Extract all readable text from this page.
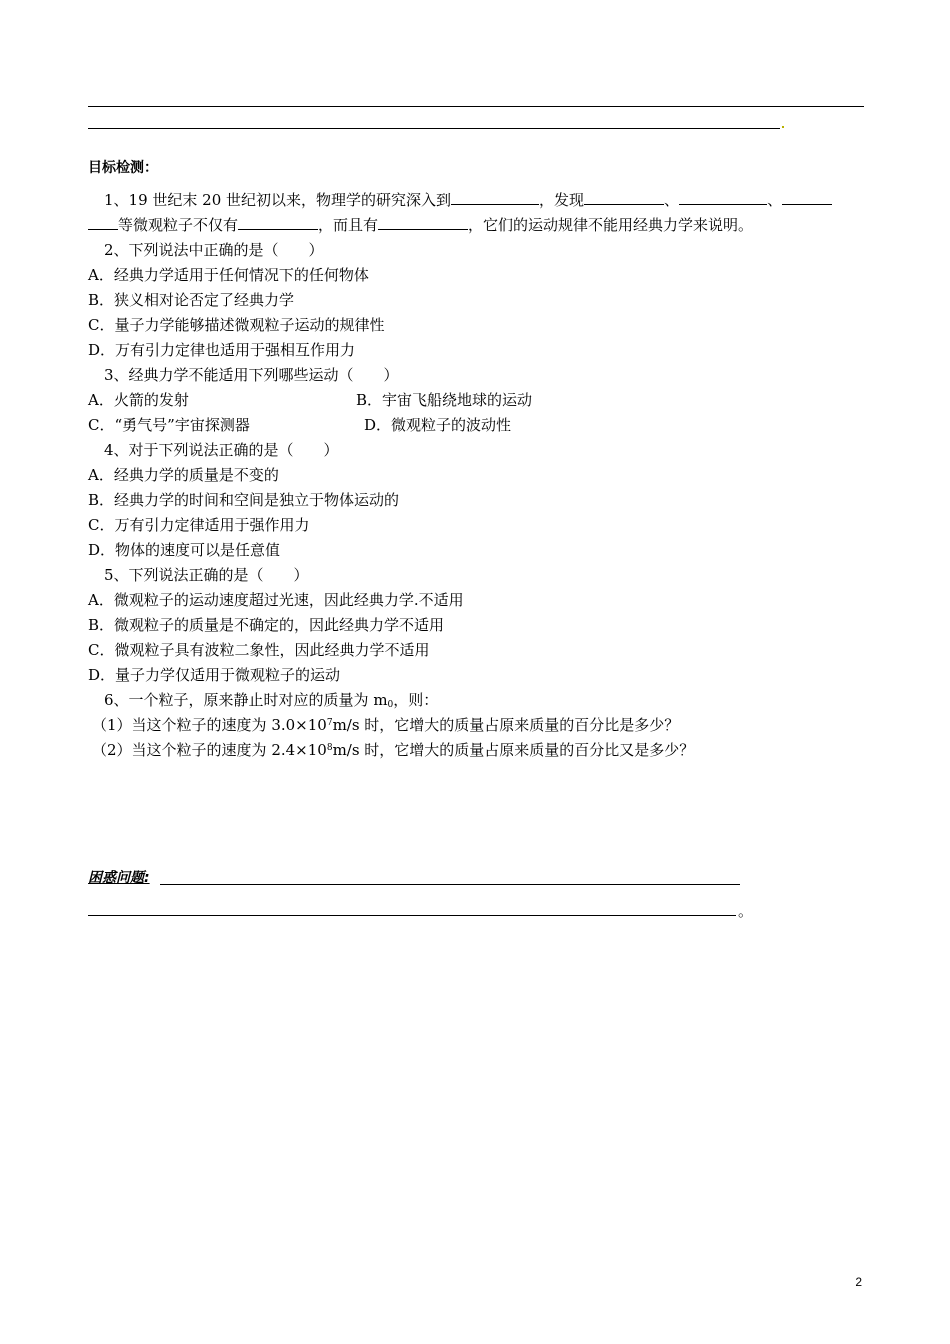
目标检测：
1、19 世纪末 20 世纪初以来，物理学的研究深入到	，发现	、	、
等微观粒子不仅有	，而且有	，它们的运动规律不能用经典力学来说明。
2、下列说法中正确的是（　　）
A．经典力学适用于任何情况下的任何物体
B．狭义相对论否定了经典力学
C．量子力学能够描述微观粒子运动的规律性
D．万有引力定律也适用于强相互作用力
3、经典力学不能适用下列哪些运动（　　）
A．火箭的发射	B．宇宙飞船绕地球的运动
C．“勇气号”宇宙探测器	D．微观粒子的波动性
4、对于下列说法正确的是（　　）
A．经典力学的质量是不变的
B．经典力学的时间和空间是独立于物体运动的
C．万有引力定律适用于强作用力
D．物体的速度可以是任意值
5、下列说法正确的是（　　）
A．微观粒子的运动速度超过光速，因此经典力学.不适用
B．微观粒子的质量是不确定的，因此经典力学不适用
C．微观粒子具有波粒二象性，因此经典力学不适用
D．量子力学仅适用于微观粒子的运动
6、一个粒子，原来静止时对应的质量为 $m_0$，则：
（1）当这个粒子的速度为 $3.0\times 10^7m/s$ 时，它增大的质量占原来质量的百分比是多少？
（2）当这个粒子的速度为 $2.4\times 10^8m/s$ 时，它增大的质量占原来质量的百分比又是多少？
困惑问题:
。
2
